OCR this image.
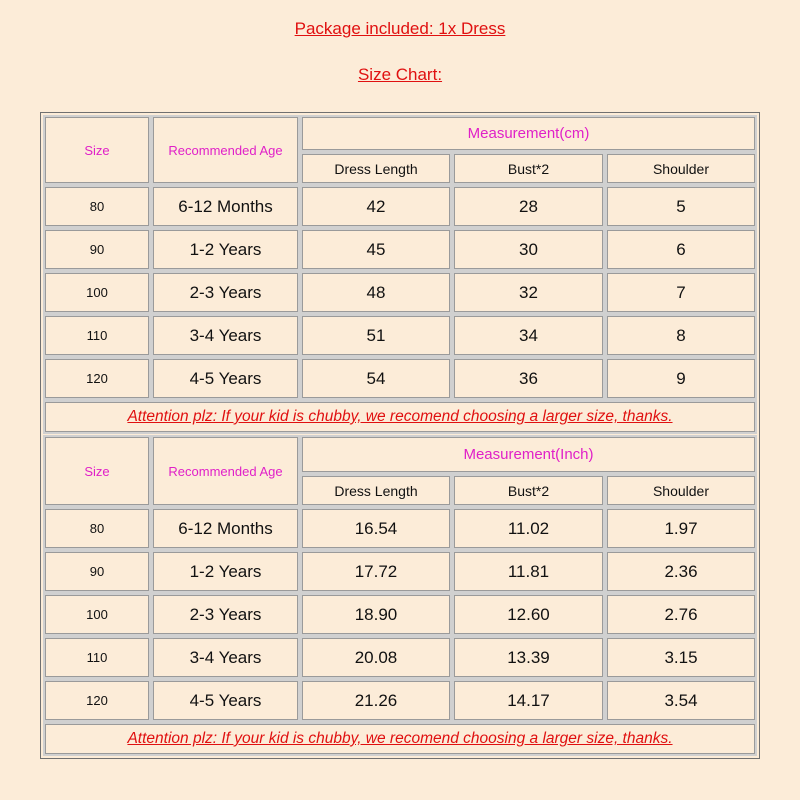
Package included: 1x Dress
Size Chart:
Size	Recommended Age
Measurement(cm)
Dress Length	Bust*2	Shoulder
80	6-12 Months	42	28	5
90	1-2 Years	45	30	6
100	2-3 Years	48	32	7
110	3-4 Years	51	34	8
120	4-5 Years	54	36	9
Attention plz: If your kid is chubby, we recomend choosing a larger size, thanks.
Size	Recommended Age
Measurement(Inch)
Dress Length	Bust*2	Shoulder
80	6-12 Months	16.54	11.02	1.97
90	1-2 Years	17.72	11.81	2.36
100	2-3 Years	18.90	12.60	2.76
110	3-4 Years	20.08	13.39	3.15
120	4-5 Years	21.26	14.17	3.54
Attention plz: If your kid is chubby, we recomend choosing a larger size, thanks.
